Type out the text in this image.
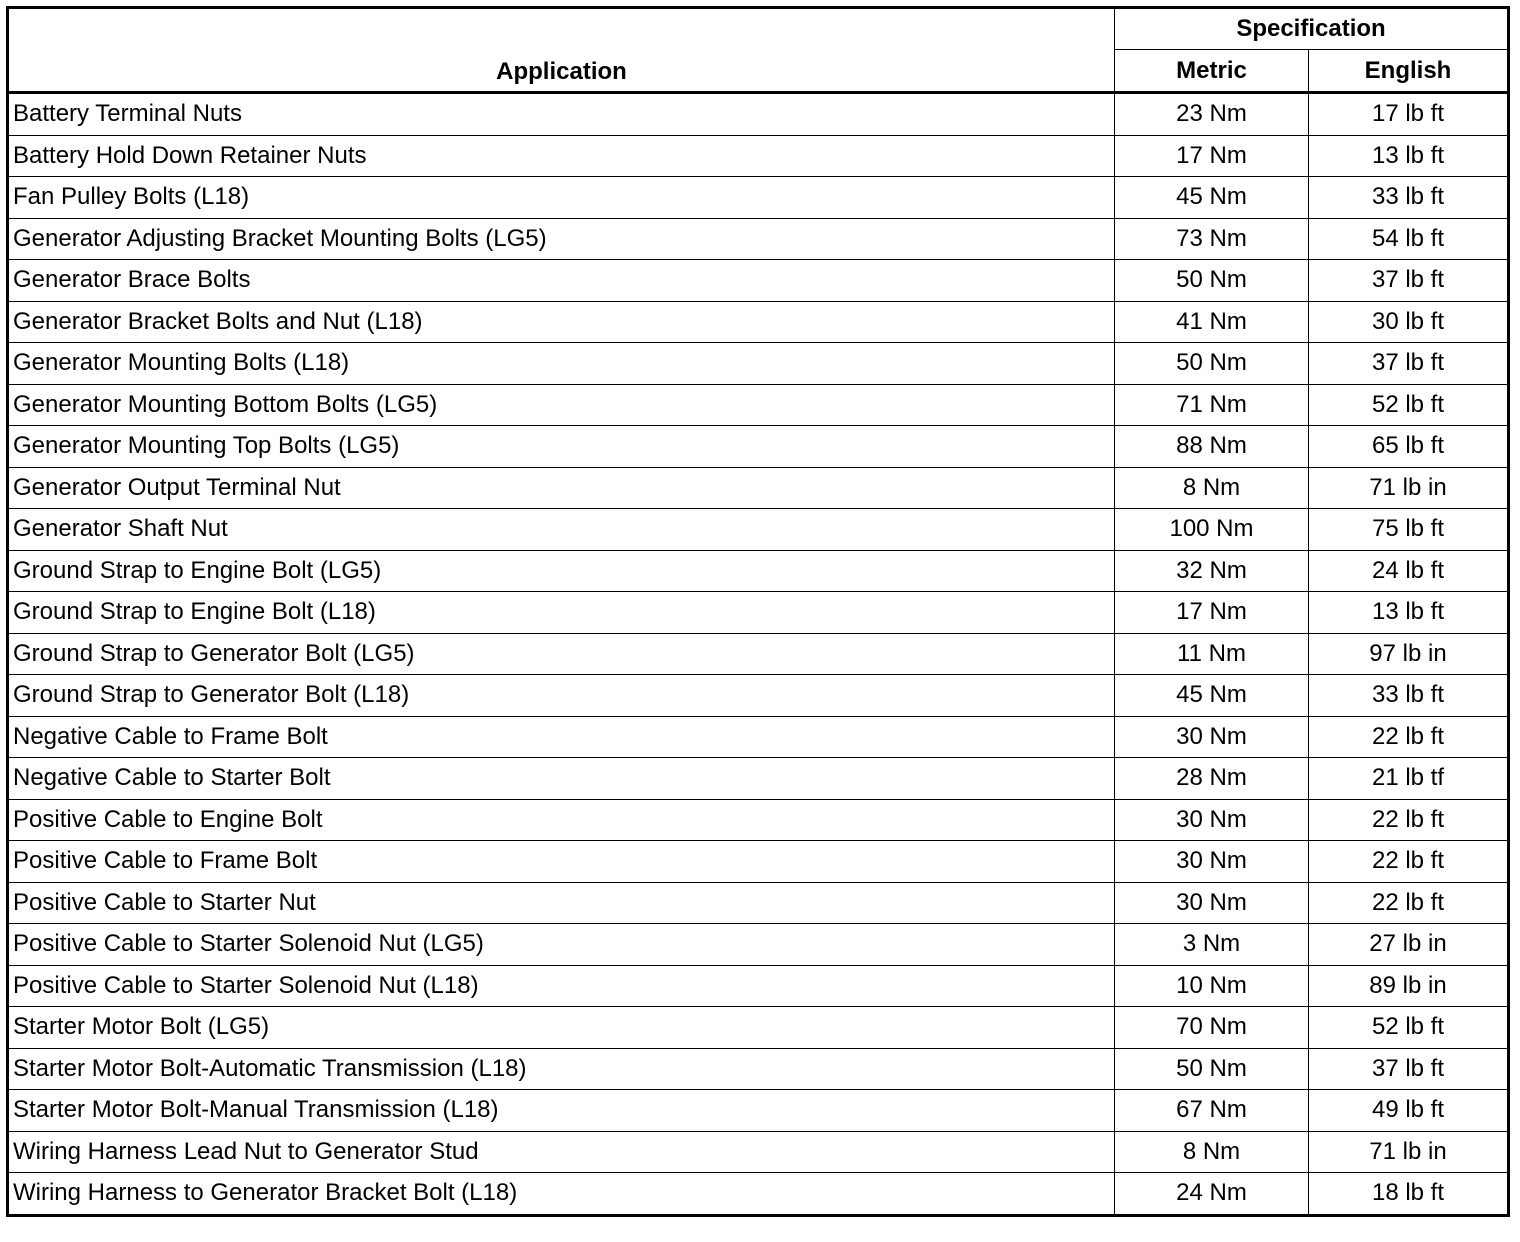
Application	Specification	
	Metric	English
Battery Terminal Nuts	23 Nm	17 lb ft
Battery Hold Down Retainer Nuts	17 Nm	13 lb ft
Fan Pulley Bolts (L18)	45 Nm	33 lb ft
Generator Adjusting Bracket Mounting Bolts (LG5)	73 Nm	54 lb ft
Generator Brace Bolts	50 Nm	37 lb ft
Generator Bracket Bolts and Nut (L18)	41 Nm	30 lb ft
Generator Mounting Bolts (L18)	50 Nm	37 lb ft
Generator Mounting Bottom Bolts (LG5)	71 Nm	52 lb ft
Generator Mounting Top Bolts (LG5)	88 Nm	65 lb ft
Generator Output Terminal Nut	8 Nm	71 lb in
Generator Shaft Nut	100 Nm	75 lb ft
Ground Strap to Engine Bolt (LG5)	32 Nm	24 lb ft
Ground Strap to Engine Bolt (L18)	17 Nm	13 lb ft
Ground Strap to Generator Bolt (LG5)	11 Nm	97 lb in
Ground Strap to Generator Bolt (L18)	45 Nm	33 lb ft
Negative Cable to Frame Bolt	30 Nm	22 lb ft
Negative Cable to Starter Bolt	28 Nm	21 lb tf
Positive Cable to Engine Bolt	30 Nm	22 lb ft
Positive Cable to Frame Bolt	30 Nm	22 lb ft
Positive Cable to Starter Nut	30 Nm	22 lb ft
Positive Cable to Starter Solenoid Nut (LG5)	3 Nm	27 lb in
Positive Cable to Starter Solenoid Nut (L18)	10 Nm	89 lb in
Starter Motor Bolt (LG5)	70 Nm	52 lb ft
Starter Motor Bolt-Automatic Transmission (L18)	50 Nm	37 lb ft
Starter Motor Bolt-Manual Transmission (L18)	67 Nm	49 lb ft
Wiring Harness Lead Nut to Generator Stud	8 Nm	71 lb in
Wiring Harness to Generator Bracket Bolt (L18)	24 Nm	18 lb ft
